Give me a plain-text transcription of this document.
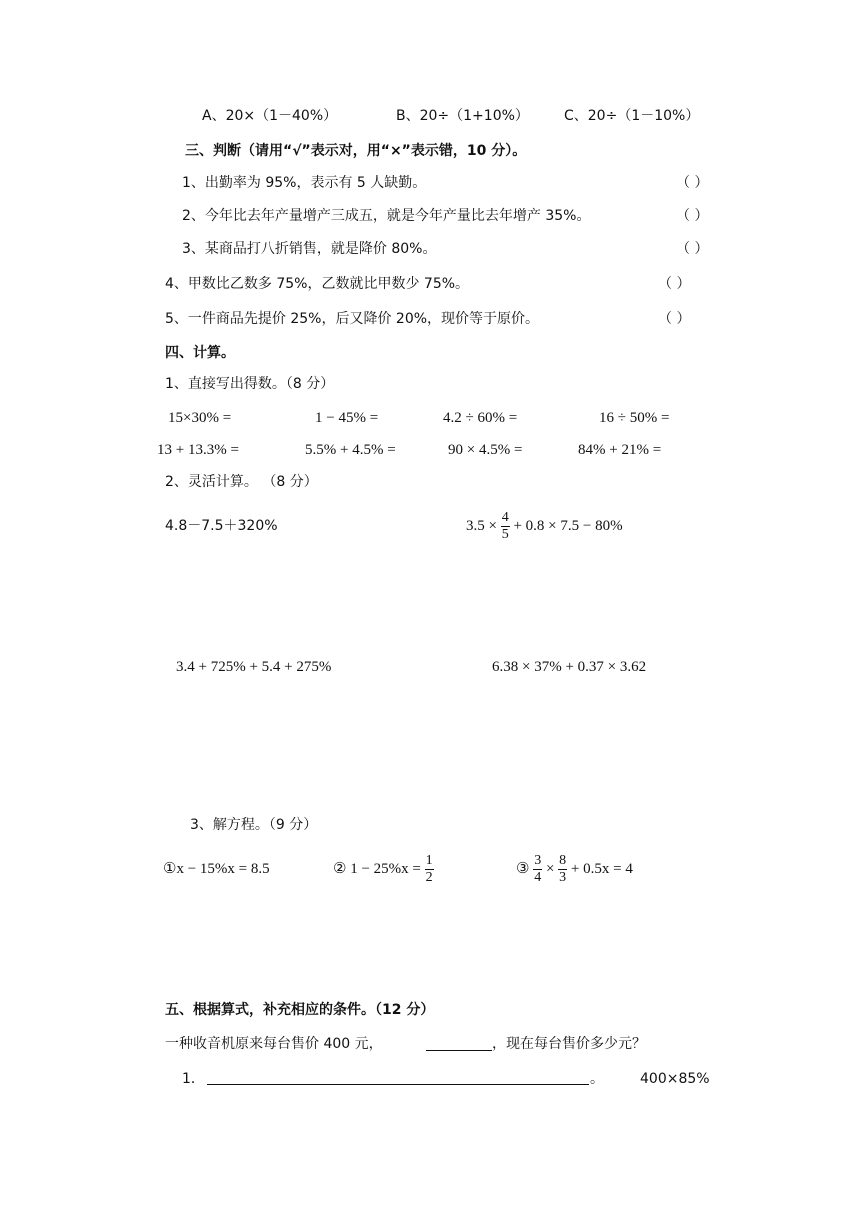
A、20×（1－40%）	B、20÷（1+10%）	C、20÷（1－10%）
三、判断（请用“√”表示对，用“×”表示错，10 分）。
1、出勤率为 95%，表示有 5 人缺勤。	（ ）
2、今年比去年产量增产三成五，就是今年产量比去年增产 35%。	（ ）
3、某商品打八折销售，就是降价 80%。	（ ）
4、甲数比乙数多 75%，乙数就比甲数少 75%。	（ ）
5、一件商品先提价 25%，后又降价 20%，现价等于原价。	（ ）
四、计算。
1、直接写出得数。（8 分）
15×30% =	1 − 45% =	4.2 ÷ 60% =	16 ÷ 50% =
13 + 13.3% =	5.5% + 4.5% =	90 × 4.5% =	84% + 21% =
2、灵活计算。 （8 分）
4.8－7.5＋320%	$3.5 \times \frac{4}{5} + 0.8 \times 7.5 - 80\%$
3.4 + 725% + 5.4 + 275%	6.38 × 37% + 0.37 × 3.62
3、解方程。（9 分）
①x − 15%x = 8.5	② $1 - 25\%x = \frac{1}{2}$	③ $\frac{3}{4} \times \frac{8}{3} + 0.5x = 4$
五、根据算式，补充相应的条件。（12 分）
一种收音机原来每台售价 400 元，	，现在每台售价多少元？
1．	。	400×85%
